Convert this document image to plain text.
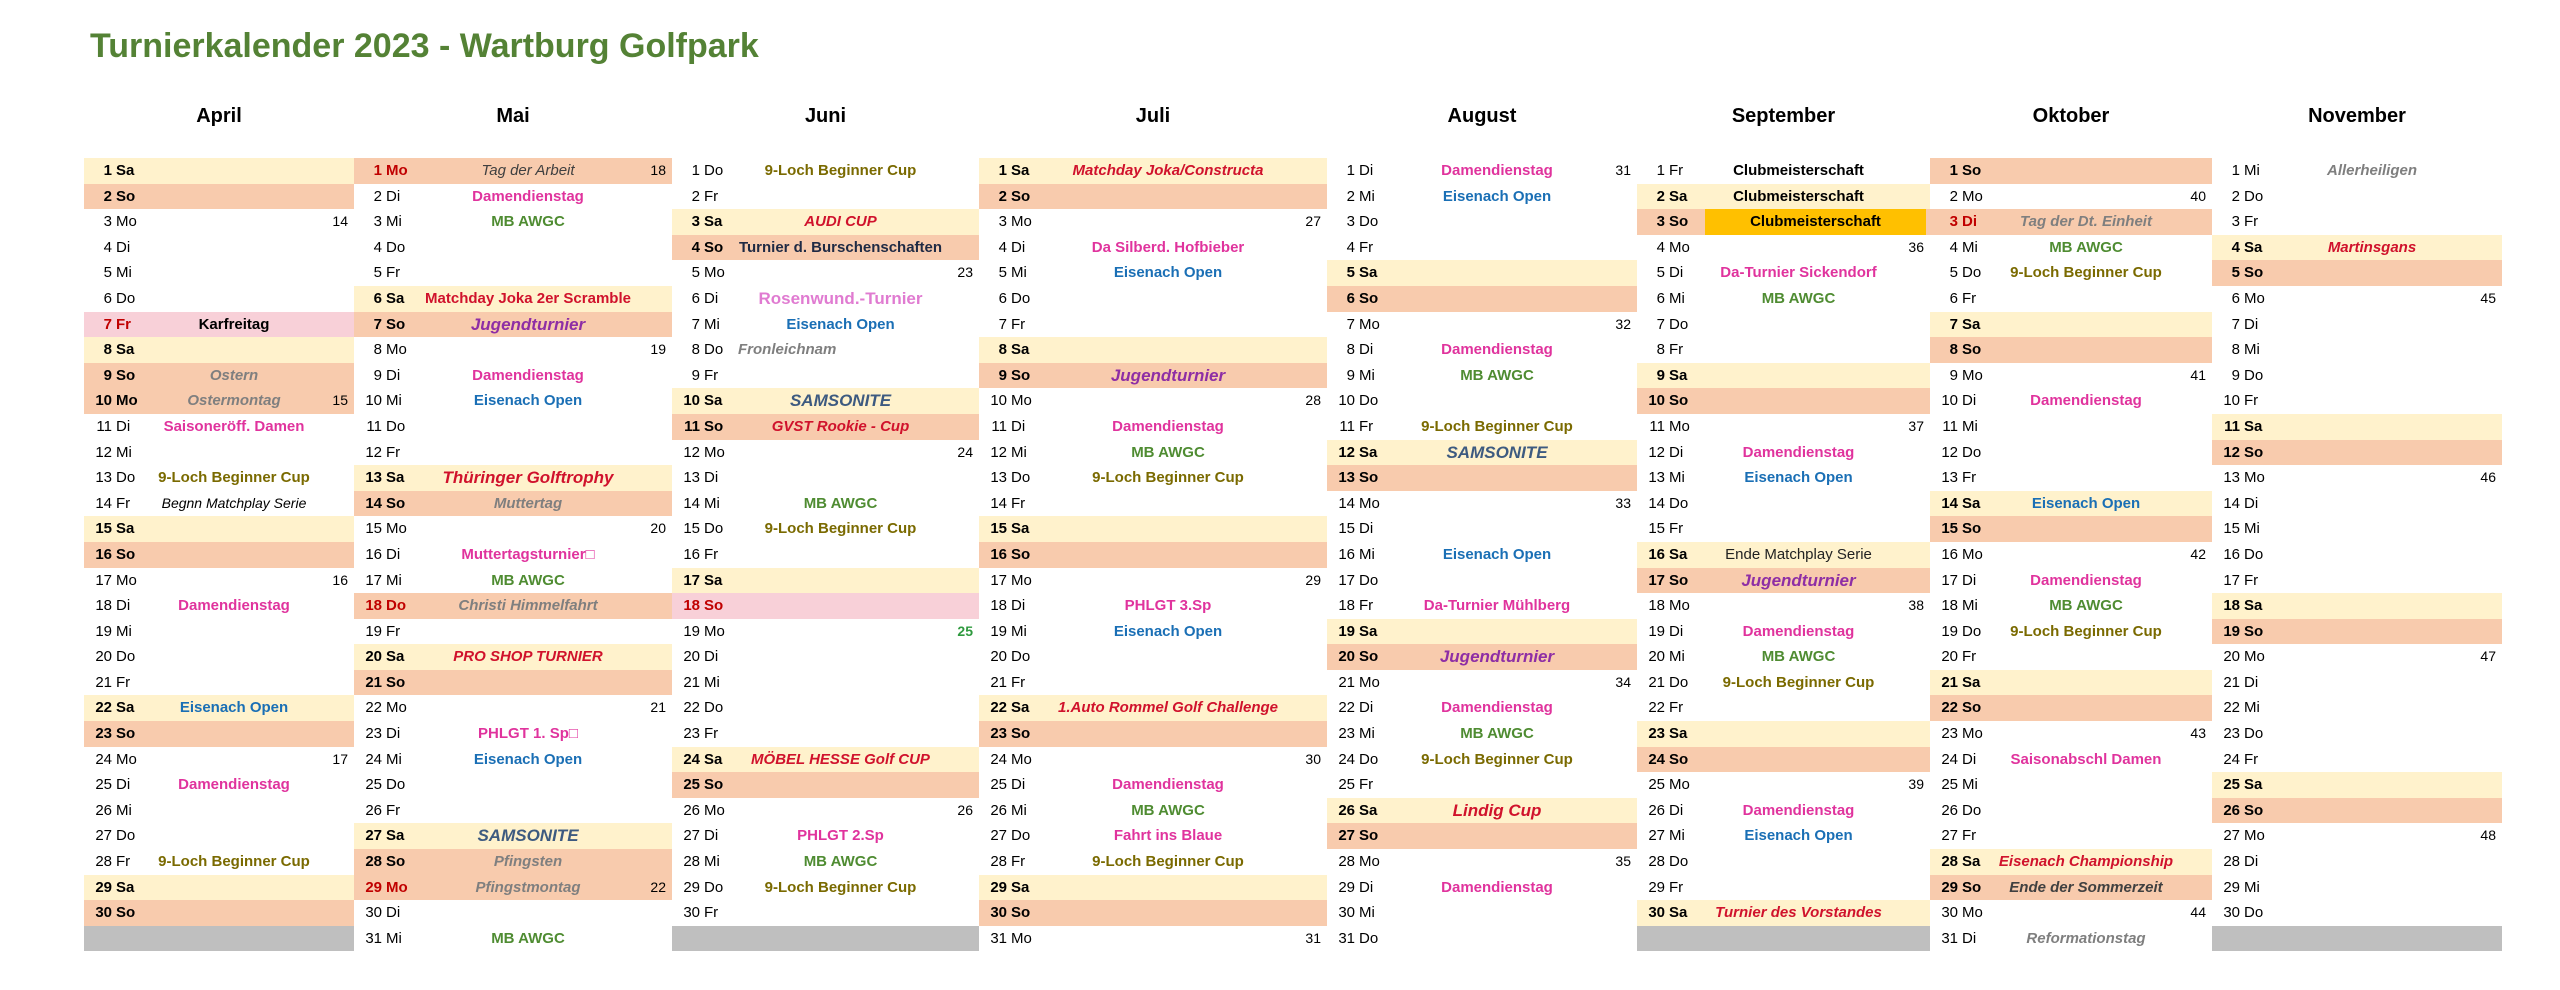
Turnierkalender 2023 - Wartburg Golfpark
April
1 Sa
2 So
3 Mo	14
4 Di
5 Mi
6 Do
7 Fr	Karfreitag
8 Sa
9 So	Ostern
10 Mo	Ostermontag	15
11 Di	Saisoneröff. Damen
12 Mi
13 Do	9-Loch Beginner Cup
14 Fr	Begnn Matchplay Serie
15 Sa
16 So
17 Mo	16
18 Di	Damendienstag
19 Mi
20 Do
21 Fr
22 Sa	Eisenach Open
23 So
24 Mo	17
25 Di	Damendienstag
26 Mi
27 Do
28 Fr	9-Loch Beginner Cup
29 Sa
30 So
Mai
1 Mo	Tag der Arbeit	18
2 Di	Damendienstag
3 Mi	MB AWGC
4 Do
5 Fr
6 Sa	Matchday Joka 2er Scramble
7 So	Jugendturnier
8 Mo	19
9 Di	Damendienstag
10 Mi	Eisenach Open
11 Do
12 Fr
13 Sa	Thüringer Golftrophy
14 So	Muttertag
15 Mo	20
16 Di	Muttertagsturnier□
17 Mi	MB AWGC
18 Do	Christi Himmelfahrt
19 Fr
20 Sa	PRO SHOP TURNIER
21 So
22 Mo	21
23 Di	PHLGT 1. Sp□
24 Mi	Eisenach Open
25 Do
26 Fr
27 Sa	SAMSONITE
28 So	Pfingsten
29 Mo	Pfingstmontag	22
30 Di
31 Mi	MB AWGC
Juni
1 Do	9-Loch Beginner Cup
2 Fr
3 Sa	AUDI CUP
4 So	Turnier d. Burschenschaften
5 Mo	23
6 Di	Rosenwund.-Turnier
7 Mi	Eisenach Open
8 Do Fronleichnam
9 Fr
10 Sa	SAMSONITE
11 So	GVST Rookie - Cup
12 Mo	24
13 Di
14 Mi	MB AWGC
15 Do	9-Loch Beginner Cup
16 Fr
17 Sa
18 So
19 Mo	25
20 Di
21 Mi
22 Do
23 Fr
24 Sa	MÖBEL HESSE Golf CUP
25 So
26 Mo	26
27 Di	PHLGT 2.Sp
28 Mi	MB AWGC
29 Do	9-Loch Beginner Cup
30 Fr
Juli
1 Sa	Matchday Joka/Constructa
2 So
3 Mo	27
4 Di	Da Silberd. Hofbieber
5 Mi	Eisenach Open
6 Do
7 Fr
8 Sa
9 So	Jugendturnier
10 Mo	28
11 Di	Damendienstag
12 Mi	MB AWGC
13 Do	9-Loch Beginner Cup
14 Fr
15 Sa
16 So
17 Mo	29
18 Di	PHLGT 3.Sp
19 Mi	Eisenach Open
20 Do
21 Fr
22 Sa	1.Auto Rommel Golf Challenge
23 So
24 Mo	30
25 Di	Damendienstag
26 Mi	MB AWGC
27 Do	Fahrt ins Blaue
28 Fr	9-Loch Beginner Cup
29 Sa
30 So
31 Mo	31
August
1 Di	Damendienstag	31
2 Mi	Eisenach Open
3 Do
4 Fr
5 Sa
6 So
7 Mo	32
8 Di	Damendienstag
9 Mi	MB AWGC
10 Do
11 Fr	9-Loch Beginner Cup
12 Sa	SAMSONITE
13 So
14 Mo	33
15 Di
16 Mi	Eisenach Open
17 Do
18 Fr	Da-Turnier Mühlberg
19 Sa
20 So	Jugendturnier
21 Mo	34
22 Di	Damendienstag
23 Mi	MB AWGC
24 Do	9-Loch Beginner Cup
25 Fr
26 Sa	Lindig Cup
27 So
28 Mo	35
29 Di	Damendienstag
30 Mi
31 Do
September
1 Fr	Clubmeisterschaft
2 Sa	Clubmeisterschaft
3 So	Clubmeisterschaft
4 Mo	36
5 Di	Da-Turnier Sickendorf
6 Mi	MB AWGC
7 Do
8 Fr
9 Sa
10 So
11 Mo	37
12 Di	Damendienstag
13 Mi	Eisenach Open
14 Do
15 Fr
16 Sa	Ende Matchplay Serie
17 So	Jugendturnier
18 Mo	38
19 Di	Damendienstag
20 Mi	MB AWGC
21 Do	9-Loch Beginner Cup
22 Fr
23 Sa
24 So
25 Mo	39
26 Di	Damendienstag
27 Mi	Eisenach Open
28 Do
29 Fr
30 Sa	Turnier des Vorstandes
Oktober
1 So
2 Mo	40
3 Di	Tag der Dt. Einheit
4 Mi	MB AWGC
5 Do	9-Loch Beginner Cup
6 Fr
7 Sa
8 So
9 Mo	41
10 Di	Damendienstag
11 Mi
12 Do
13 Fr
14 Sa	Eisenach Open
15 So
16 Mo	42
17 Di	Damendienstag
18 Mi	MB AWGC
19 Do	9-Loch Beginner Cup
20 Fr
21 Sa
22 So
23 Mo	43
24 Di	Saisonabschl Damen
25 Mi
26 Do
27 Fr
28 Sa	Eisenach Championship
29 So	Ende der Sommerzeit
30 Mo	44
31 Di	Reformationstag
November
1 Mi	Allerheiligen
2 Do
3 Fr
4 Sa	Martinsgans
5 So
6 Mo	45
7 Di
8 Mi
9 Do
10 Fr
11 Sa
12 So
13 Mo	46
14 Di
15 Mi
16 Do
17 Fr
18 Sa
19 So
20 Mo	47
21 Di
22 Mi
23 Do
24 Fr
25 Sa
26 So
27 Mo	48
28 Di
29 Mi
30 Do
